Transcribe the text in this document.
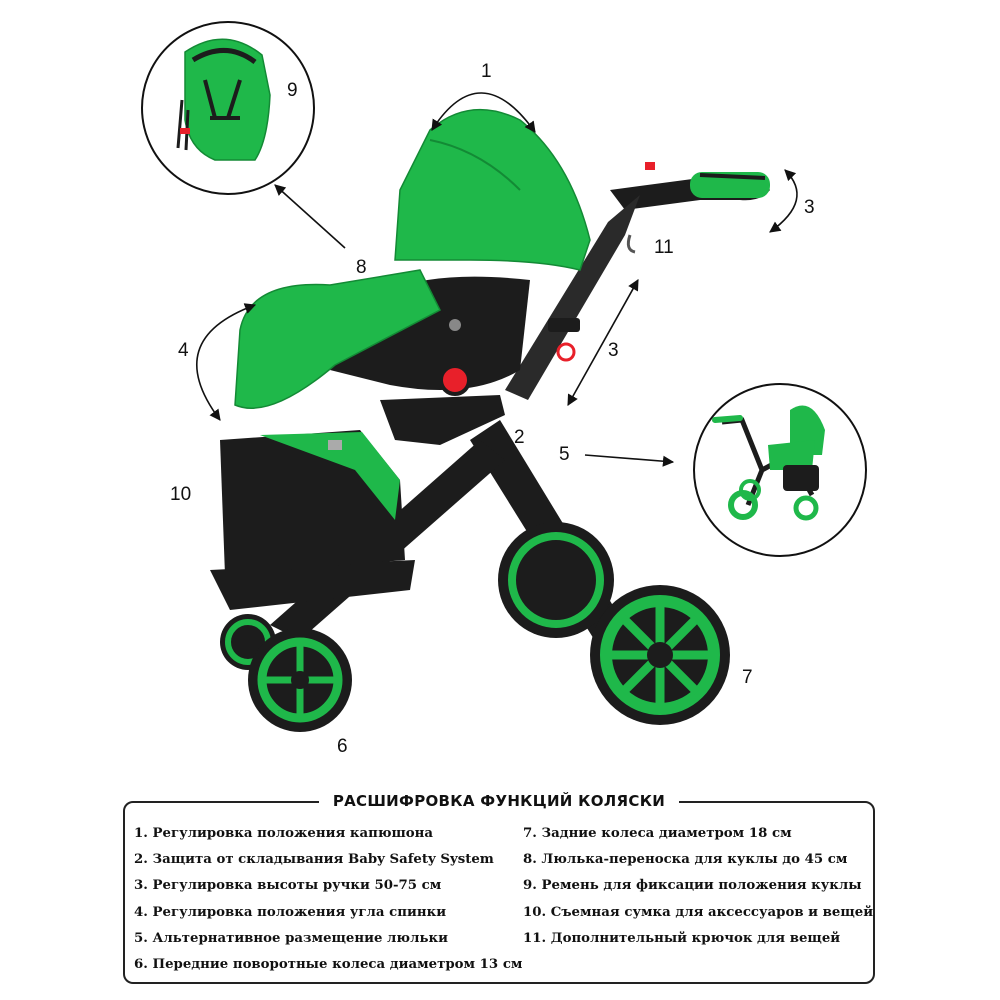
1
2
3
3
4
5
6
7
8
9
10
11
РАСШИФРОВКА ФУНКЦИЙ КОЛЯСКИ
1. Регулировка положения капюшона
2. Защита от складывания Baby Safety System
3. Регулировка высоты ручки 50-75 см
4. Регулировка положения угла спинки
5. Альтернативное размещение люльки
6. Передние поворотные колеса диаметром 13 см
7. Задние колеса диаметром 18 см
8. Люлька-переноска для куклы до 45 см
9. Ремень для фиксации положения куклы
10. Съемная сумка для аксессуаров и вещей
11. Дополнительный крючок для вещей
